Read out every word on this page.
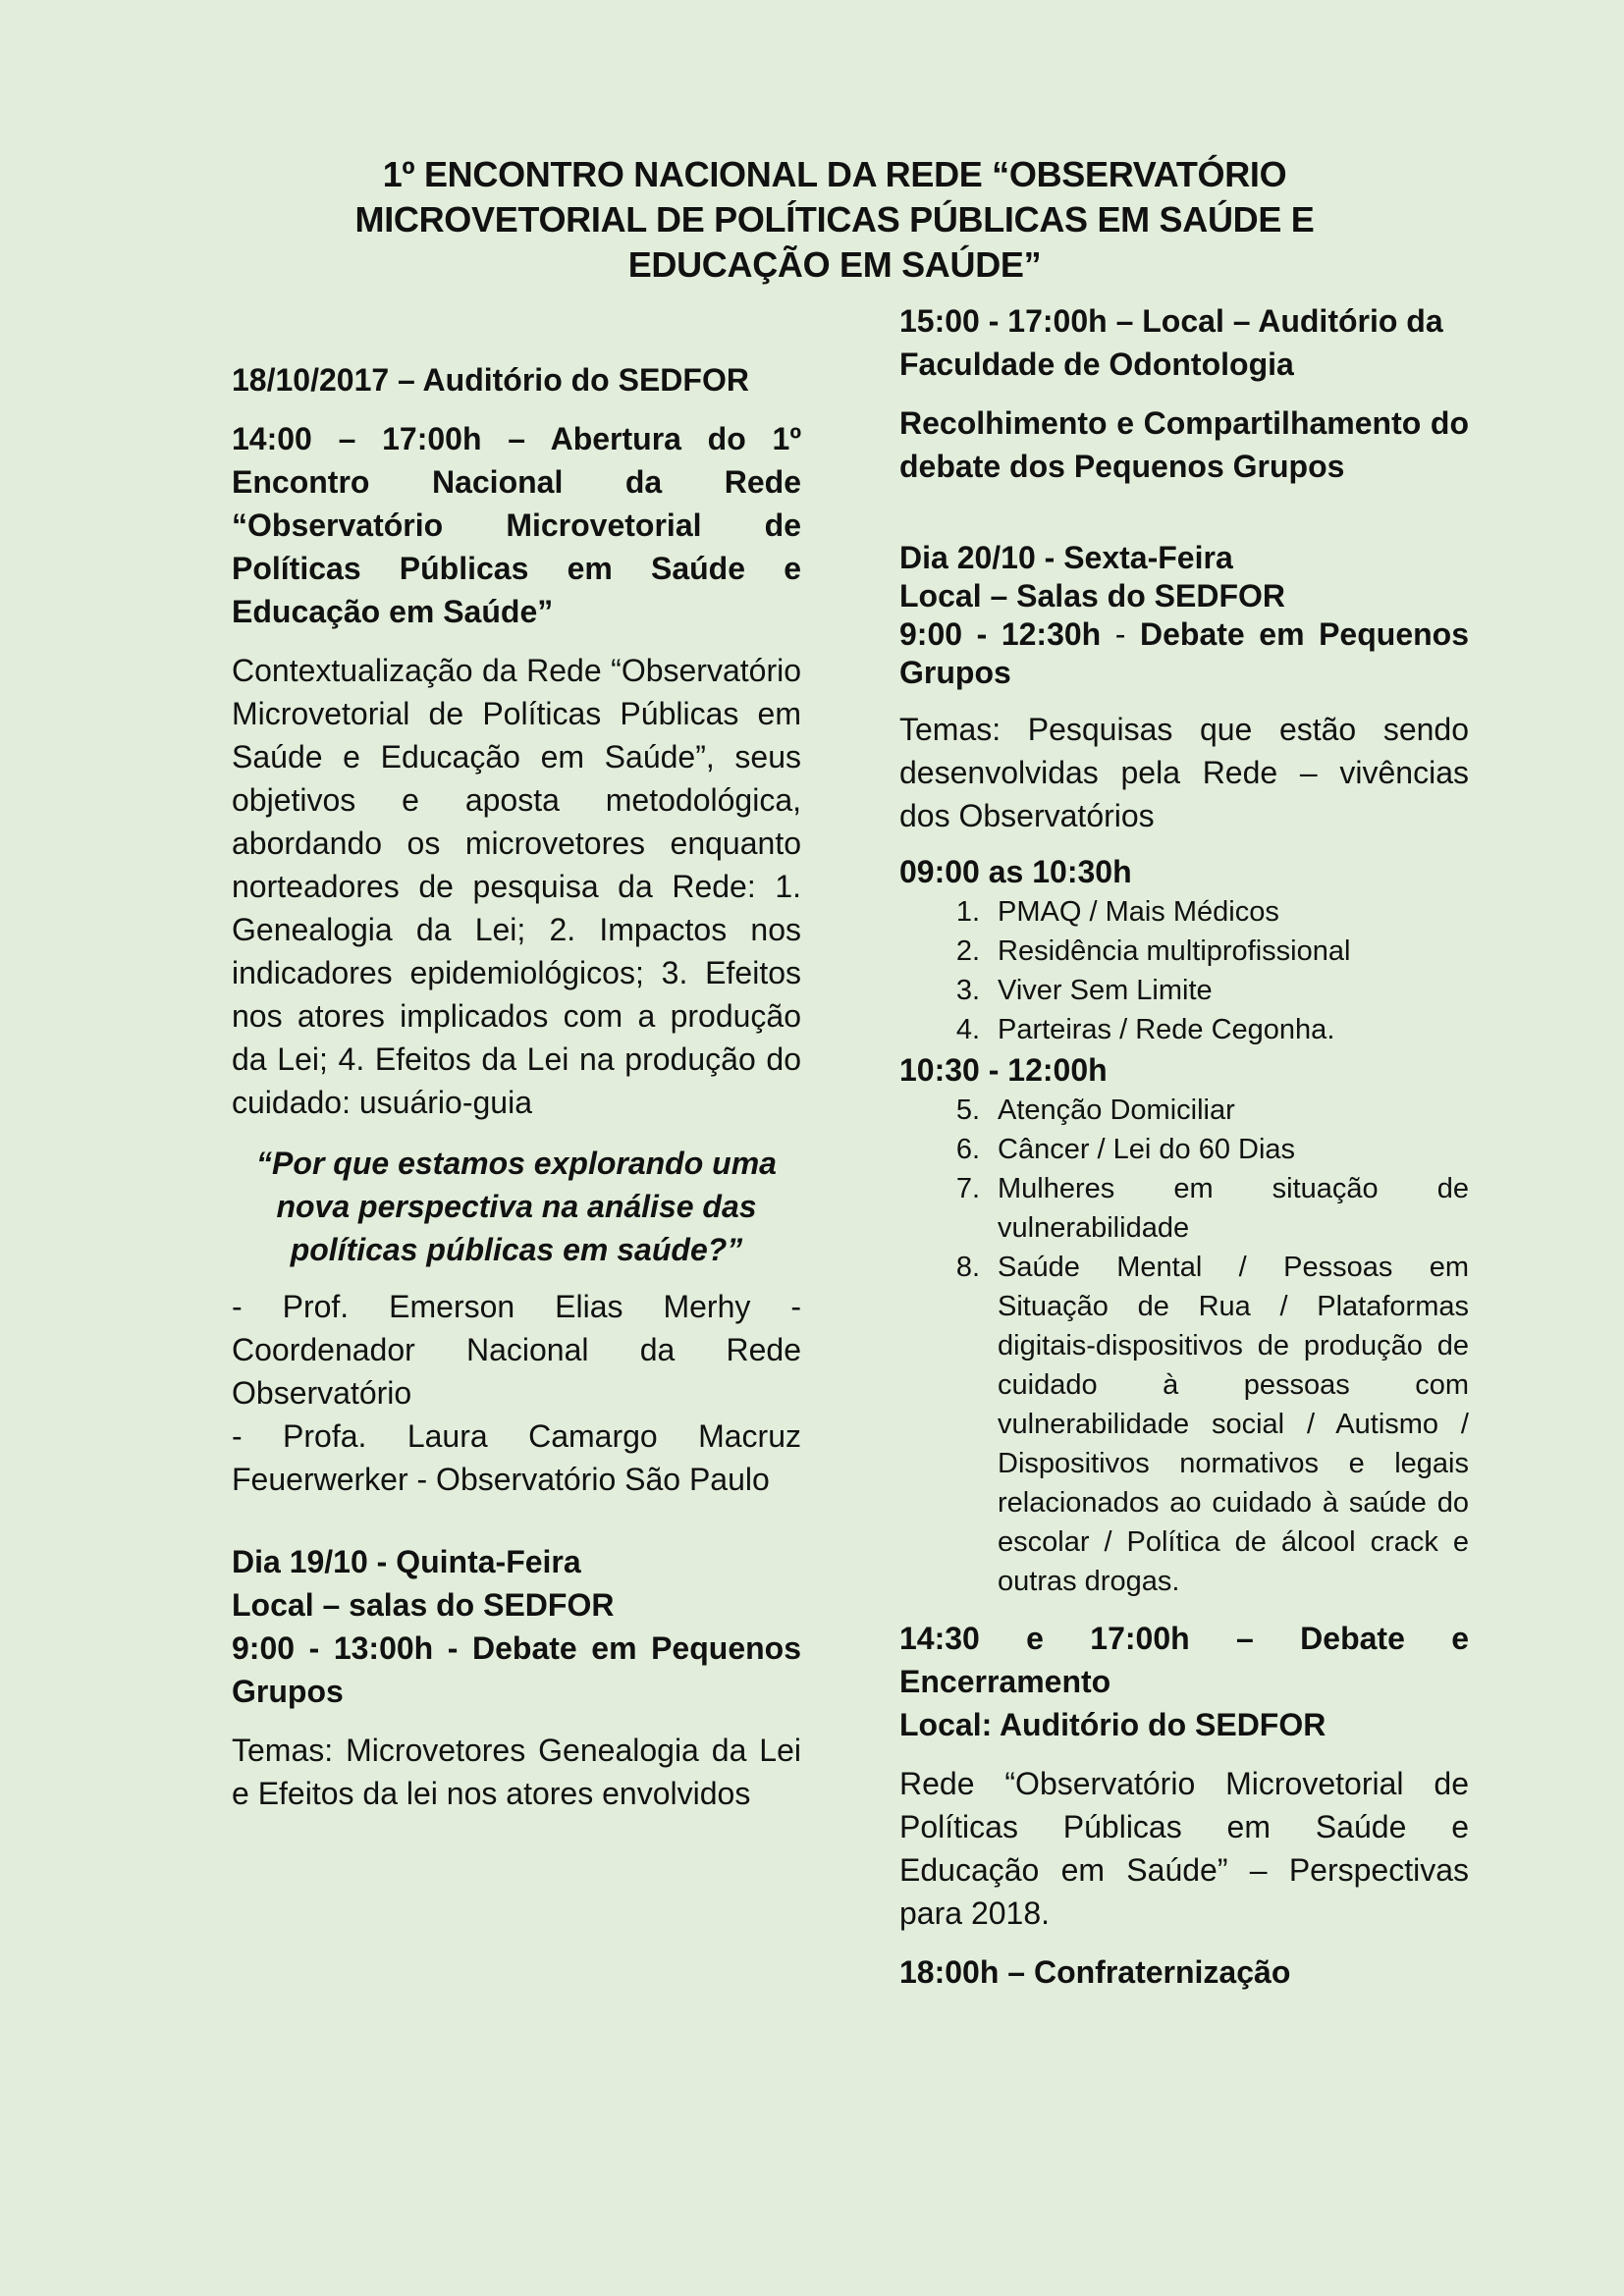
1º ENCONTRO NACIONAL DA REDE “OBSERVATÓRIO MICROVETORIAL DE POLÍTICAS PÚBLICAS EM SAÚDE E EDUCAÇÃO EM SAÚDE”

18/10/2017 – Auditório do SEDFOR

14:00 – 17:00h – Abertura do 1º Encontro Nacional da Rede “Observatório Microvetorial de Políticas Públicas em Saúde e Educação em Saúde”

Contextualização da Rede “Observatório Microvetorial de Políticas Públicas em Saúde e Educação em Saúde”, seus objetivos e aposta metodológica, abordando os microvetores enquanto norteadores de pesquisa da Rede: 1. Genealogia da Lei; 2. Impactos nos indicadores epidemiológicos; 3. Efeitos nos atores implicados com a produção da Lei; 4. Efeitos da Lei na produção do cuidado: usuário-guia

“Por que estamos explorando uma nova perspectiva na análise das políticas públicas em saúde?”

- Prof. Emerson Elias Merhy - Coordenador Nacional da Rede Observatório

- Profa. Laura Camargo Macruz Feuerwerker - Observatório São Paulo

Dia 19/10 - Quinta-Feira

Local – salas do SEDFOR

9:00 - 13:00h - Debate em Pequenos Grupos

Temas: Microvetores Genealogia da Lei e Efeitos da lei nos atores envolvidos

15:00 - 17:00h – Local – Auditório da Faculdade de Odontologia

Recolhimento e Compartilhamento do debate dos Pequenos Grupos

Dia 20/10 - Sexta-Feira

Local – Salas do SEDFOR

9:00 - 12:30h - Debate em Pequenos Grupos

Temas: Pesquisas que estão sendo desenvolvidas pela Rede – vivências dos Observatórios

09:00 as 10:30h

1. PMAQ / Mais Médicos
2. Residência multiprofissional
3. Viver Sem Limite
4. Parteiras / Rede Cegonha.

10:30 - 12:00h

5. Atenção Domiciliar
6. Câncer / Lei do 60 Dias
7. Mulheres em situação de vulnerabilidade
8. Saúde Mental / Pessoas em Situação de Rua / Plataformas digitais-dispositivos de produção de cuidado à pessoas com vulnerabilidade social / Autismo / Dispositivos normativos e legais relacionados ao cuidado à saúde do escolar / Política de álcool crack e outras drogas.

14:30 e 17:00h – Debate e Encerramento

Local: Auditório do SEDFOR

Rede “Observatório Microvetorial de Políticas Públicas em Saúde e Educação em Saúde” – Perspectivas para 2018.

18:00h – Confraternização
